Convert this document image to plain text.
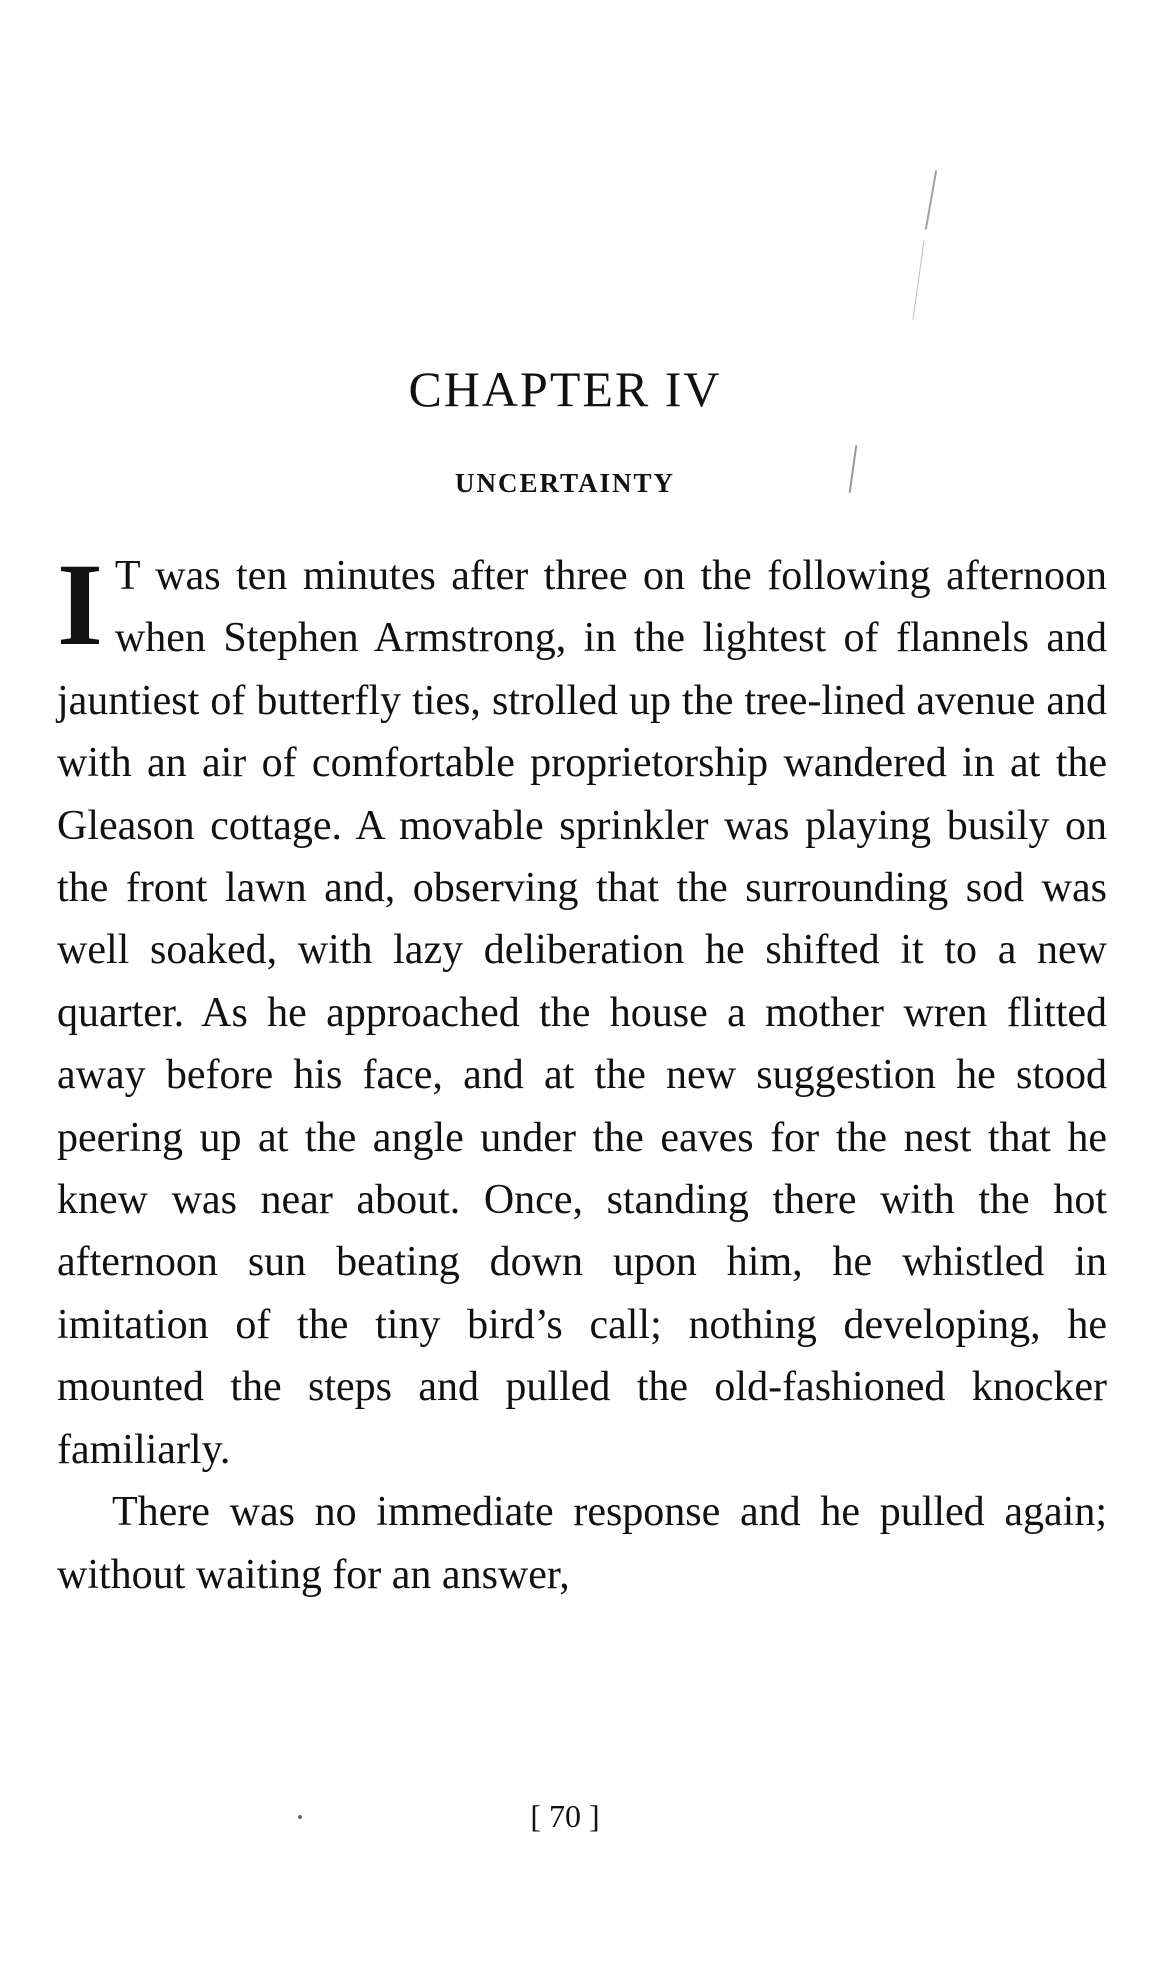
CHAPTER IV
UNCERTAINTY

I T was ten minutes after three on the following afternoon when Stephen Armstrong, in the lightest of flannels and jauntiest of butterfly ties, strolled up the tree-lined avenue and with an air of comfortable proprietorship wandered in at the Gleason cottage. A movable sprinkler was playing busily on the front lawn and, observing that the surrounding sod was well soaked, with lazy deliberation he shifted it to a new quarter. As he approached the house a mother wren flitted away before his face, and at the new suggestion he stood peering up at the angle under the eaves for the nest that he knew was near about. Once, standing there with the hot afternoon sun beating down upon him, he whistled in imitation of the tiny bird’s call; nothing developing, he mounted the steps and pulled the old-fashioned knocker familiarly.

There was no immediate response and he pulled again; without waiting for an answer,

[ 70 ]
